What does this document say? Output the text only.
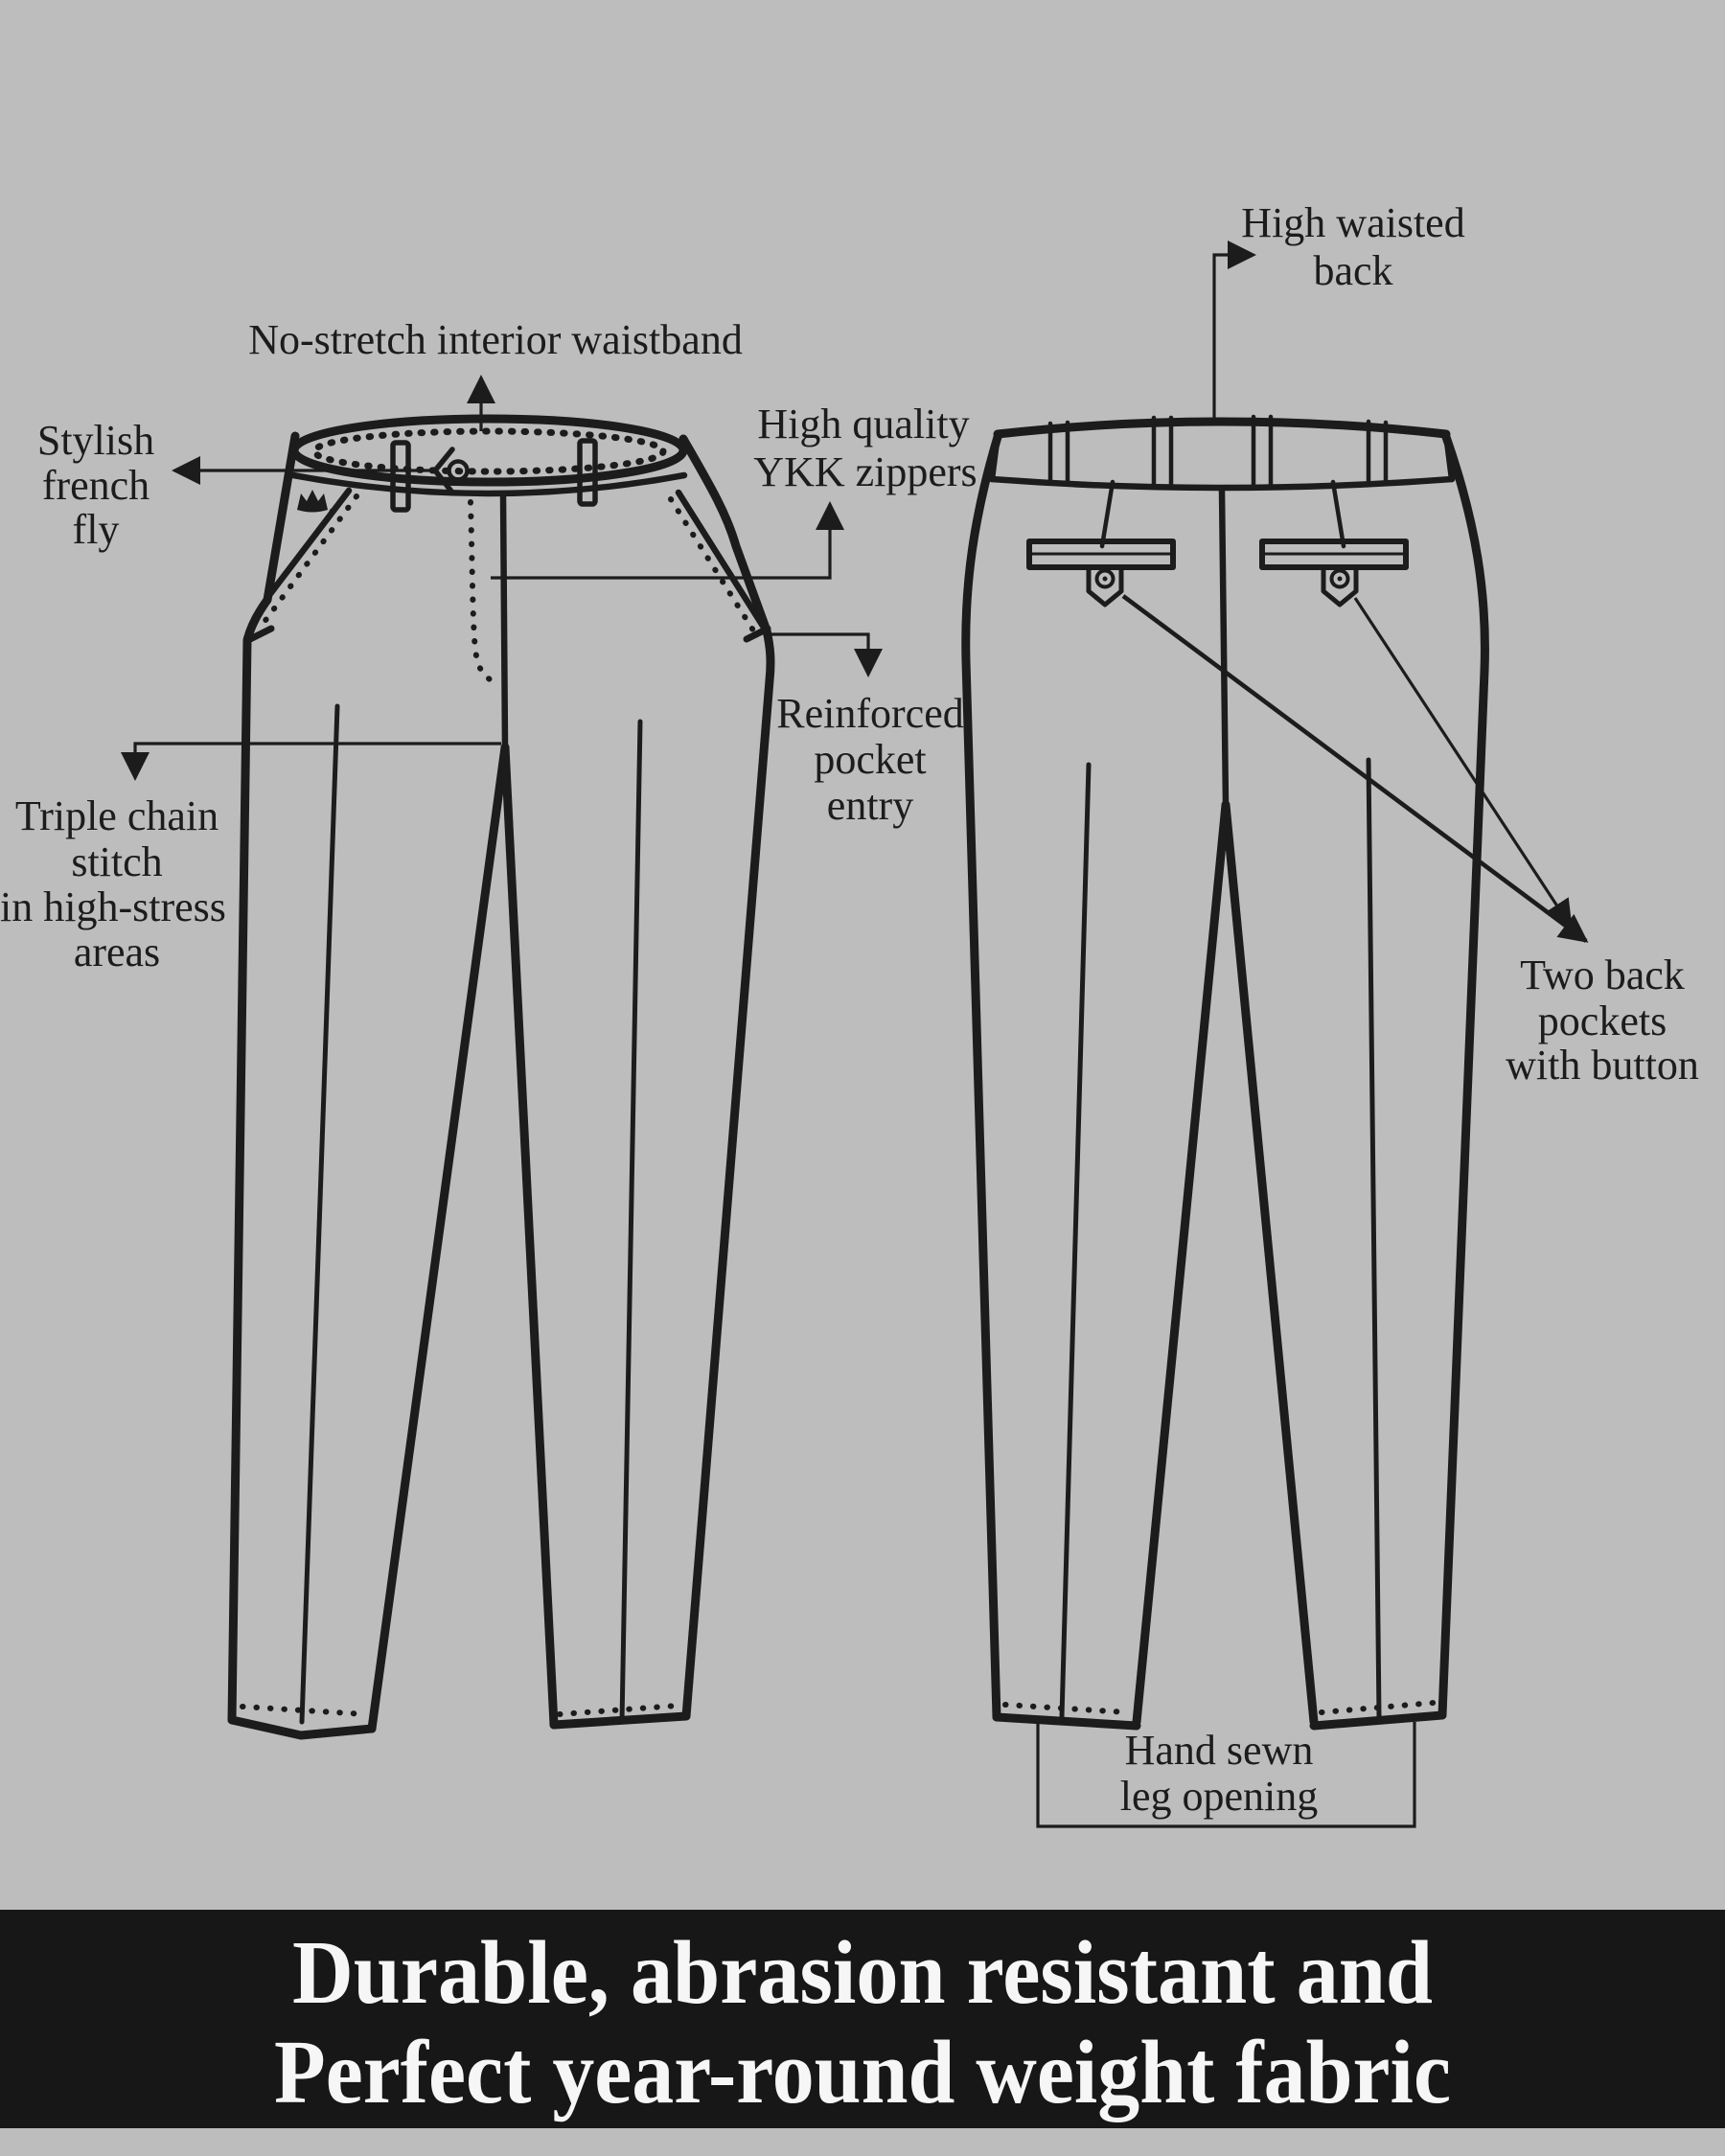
No-stretch interior waistband
Stylish
french
fly
High quality
YKK zippers
Reinforced
pocket
entry
Triple chain
stitch
in high-stress
areas
High waisted
back
Two back
pockets
with button
Hand sewn
leg opening
Durable, abrasion resistant and
Perfect year-round weight fabric
